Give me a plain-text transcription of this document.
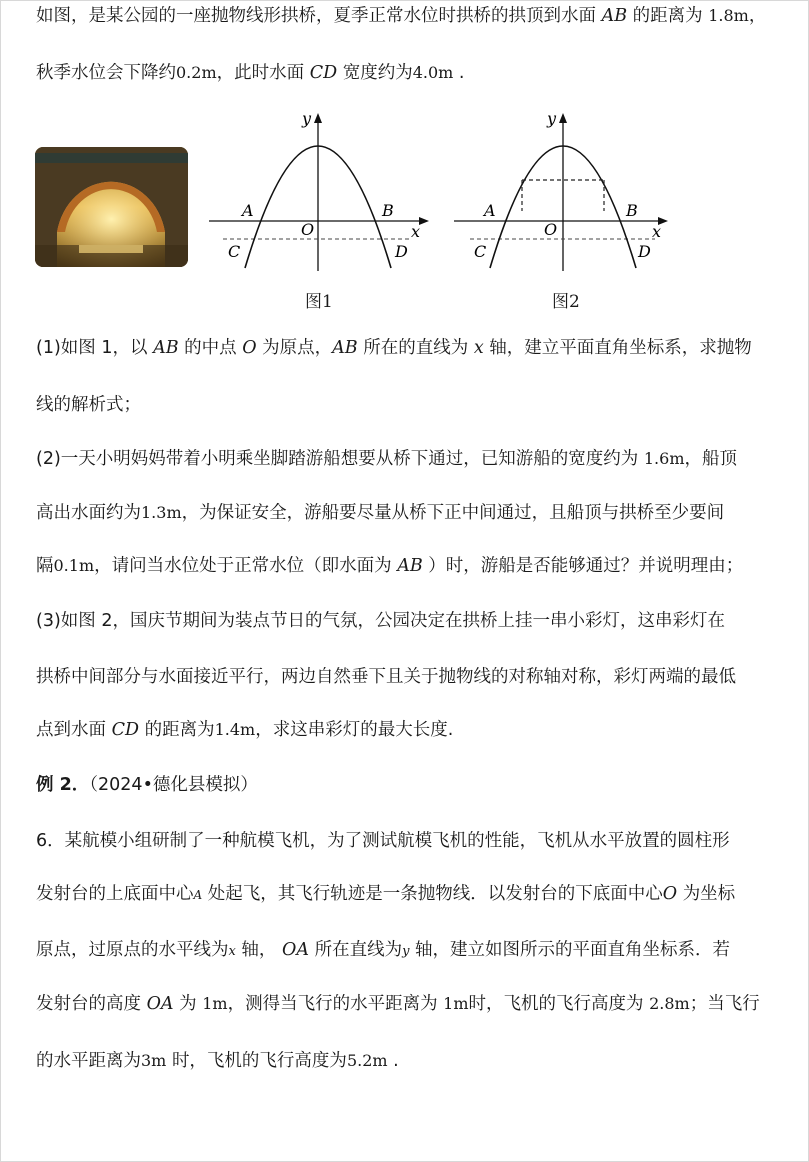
如图，是某公园的一座抛物线形拱桥，夏季正常水位时拱桥的拱顶到水面 AB 的距离为 1.8m，
秋季水位会下降约0.2m，此时水面 CD 宽度约为4.0m .
y
x
O
A	B
C	D
图1
y
x
O
A	B
C	D
图2
(1)如图 1，以 AB 的中点 O 为原点，AB 所在的直线为 x 轴，建立平面直角坐标系，求抛物
线的解析式；
(2)一天小明妈妈带着小明乘坐脚踏游船想要从桥下通过，已知游船的宽度约为 1.6m，船顶
高出水面约为1.3m，为保证安全，游船要尽量从桥下正中间通过，且船顶与拱桥至少要间
隔0.1m，请问当水位处于正常水位（即水面为 AB ）时，游船是否能够通过？并说明理由；
(3)如图 2，国庆节期间为装点节日的气氛，公园决定在拱桥上挂一串小彩灯，这串彩灯在
拱桥中间部分与水面接近平行，两边自然垂下且关于抛物线的对称轴对称，彩灯两端的最低
点到水面 CD 的距离为1.4m，求这串彩灯的最大长度.
例 2．（2024•德化县模拟）
6．某航模小组研制了一种航模飞机，为了测试航模飞机的性能，飞机从水平放置的圆柱形
发射台的上底面中心A 处起飞，其飞行轨迹是一条抛物线．以发射台的下底面中心O 为坐标
原点，过原点的水平线为x 轴， OA 所在直线为y 轴，建立如图所示的平面直角坐标系．若
发射台的高度 OA 为 1m，测得当飞行的水平距离为 1m时，飞机的飞行高度为 2.8m；当飞行
的水平距离为3m 时，飞机的飞行高度为5.2m .
